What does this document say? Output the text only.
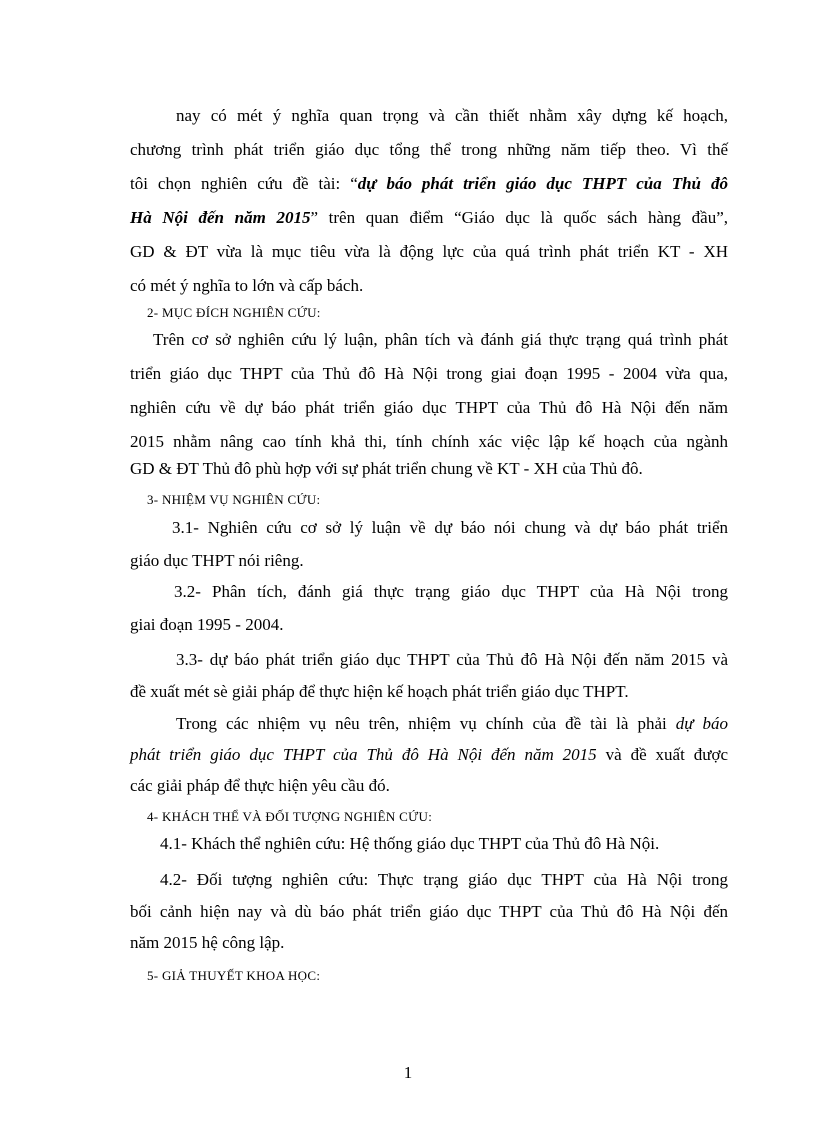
nay có mét ý nghĩa quan trọng và cần thiết nhằm xây dựng kế hoạch,
chương trình phát triển giáo dục tổng thể trong những năm tiếp theo. Vì thế
tôi chọn nghiên cứu đề tài: “dự báo phát triển giáo dục THPT của Thủ đô
Hà Nội đến năm 2015” trên quan điểm “Giáo dục là quốc sách hàng đầu”,
GD & ĐT vừa là mục tiêu vừa là động lực của quá trình phát triển KT - XH
có mét ý nghĩa to lớn và cấp bách.
2- MỤC ĐÍCH NGHIÊN CỨU:
Trên cơ sở nghiên cứu lý luận, phân tích và đánh giá thực trạng quá trình phát
triển giáo dục THPT của Thủ đô Hà Nội trong giai đoạn 1995 - 2004 vừa qua,
nghiên cứu về dự báo phát triển giáo dục THPT của Thủ đô Hà Nội đến năm
2015 nhằm nâng cao tính khả thi, tính chính xác việc lập kế hoạch của ngành
GD & ĐT Thủ đô phù hợp với sự phát triển chung về KT - XH của Thủ đô.
3- NHIỆM VỤ NGHIÊN CỨU:
3.1- Nghiên cứu cơ sở lý luận về dự báo nói chung và dự báo phát triển
giáo dục THPT nói riêng.
3.2- Phân tích, đánh giá thực trạng giáo dục THPT của Hà Nội trong
giai đoạn 1995 - 2004.
3.3- dự báo phát triển giáo dục THPT của Thủ đô Hà Nội đến năm 2015 và
đề xuất mét sè giải pháp để thực hiện kế hoạch phát triển giáo dục THPT.
Trong các nhiệm vụ nêu trên, nhiệm vụ chính của đề tài là phải dự báo
phát triển giáo dục THPT của Thủ đô Hà Nội đến năm 2015 và đề xuất được
các giải pháp để thực hiện yêu cầu đó.
4- KHÁCH THỂ VÀ ĐỐI TƯỢNG NGHIÊN CỨU:
4.1- Khách thể nghiên cứu: Hệ thống giáo dục THPT của Thủ đô Hà Nội.
4.2- Đối tượng nghiên cứu: Thực trạng giáo dục THPT của Hà Nội trong
bối cảnh hiện nay và dù báo phát triển giáo dục THPT của Thủ đô Hà Nội đến
năm 2015 hệ công lập.
5- GIẢ THUYẾT KHOA HỌC:
1
